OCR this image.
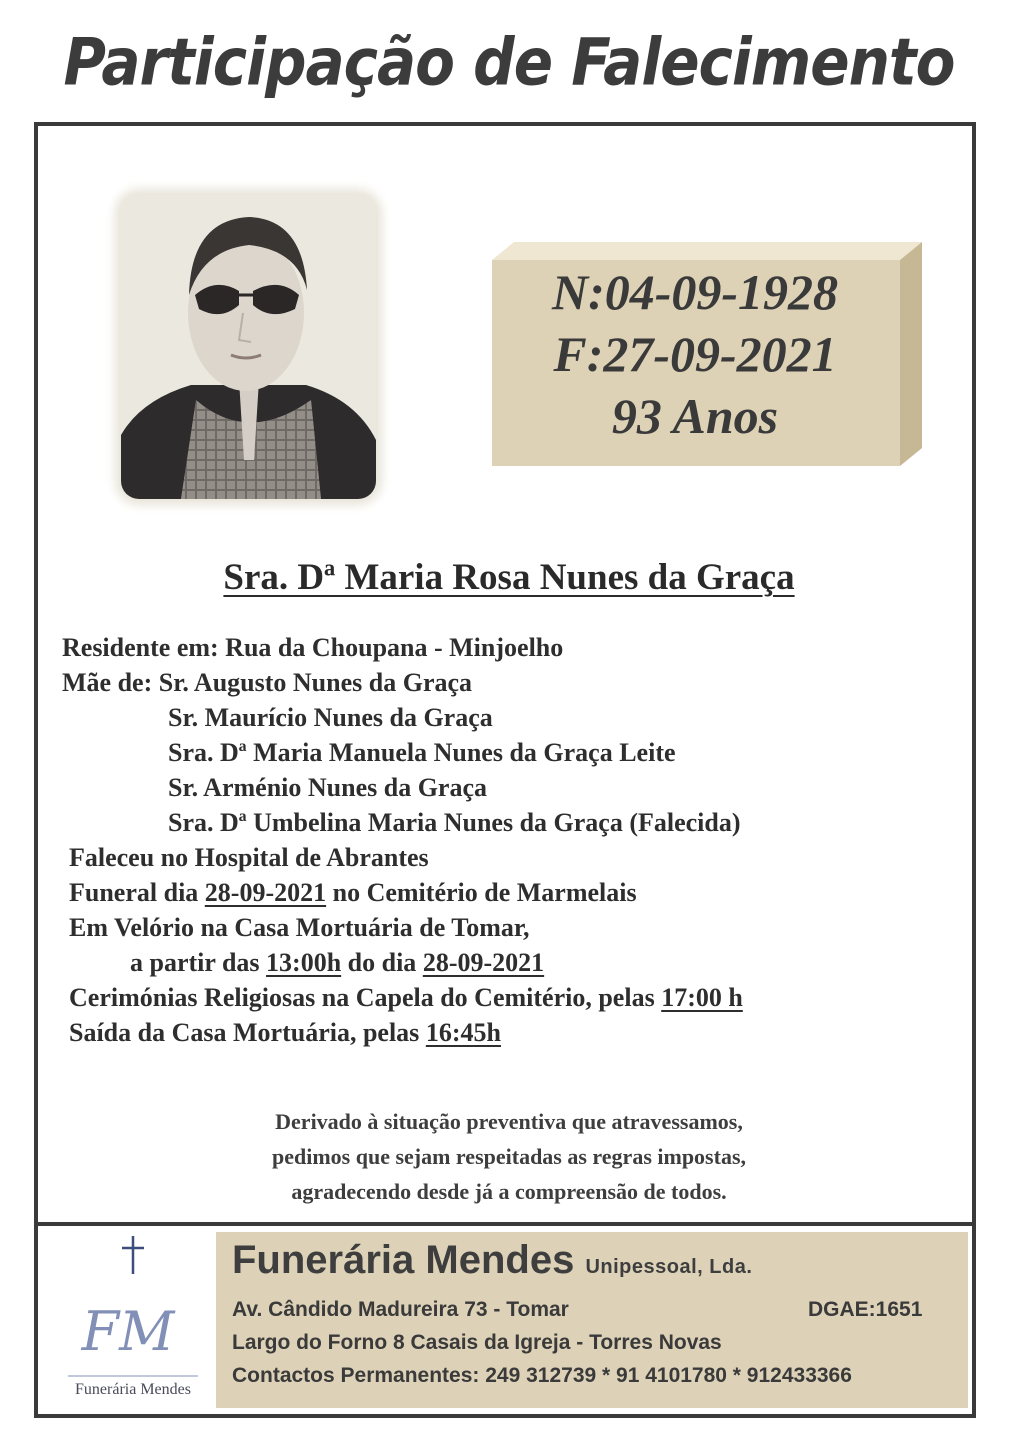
Participação de Falecimento
N:04-09-1928
F:27-09-2021
93 Anos
Sra. Dª Maria Rosa Nunes da Graça
Residente em: Rua da Choupana - Minjoelho
Mãe de: Sr. Augusto Nunes da Graça
Sr. Maurício Nunes da Graça
Sra. Dª Maria Manuela Nunes da Graça Leite
Sr. Arménio Nunes da Graça
Sra. Dª Umbelina Maria Nunes da Graça (Falecida)
Faleceu no Hospital de Abrantes
Funeral dia 28-09-2021 no Cemitério de Marmelais
Em Velório na Casa Mortuária de Tomar,
a partir das 13:00h do dia 28-09-2021
Cerimónias Religiosas na Capela do Cemitério, pelas 17:00 h
Saída da Casa Mortuária, pelas 16:45h
Derivado à situação preventiva que atravessamos,
pedimos que sejam respeitadas as regras impostas,
agradecendo desde já a compreensão de todos.
FM
Funerária Mendes
Funerária Mendes Unipessoal, Lda.
Av. Cândido Madureira 73 - Tomar	DGAE:1651
Largo do Forno 8 Casais da Igreja - Torres Novas
Contactos Permanentes: 249 312739 * 91 4101780 * 912433366
